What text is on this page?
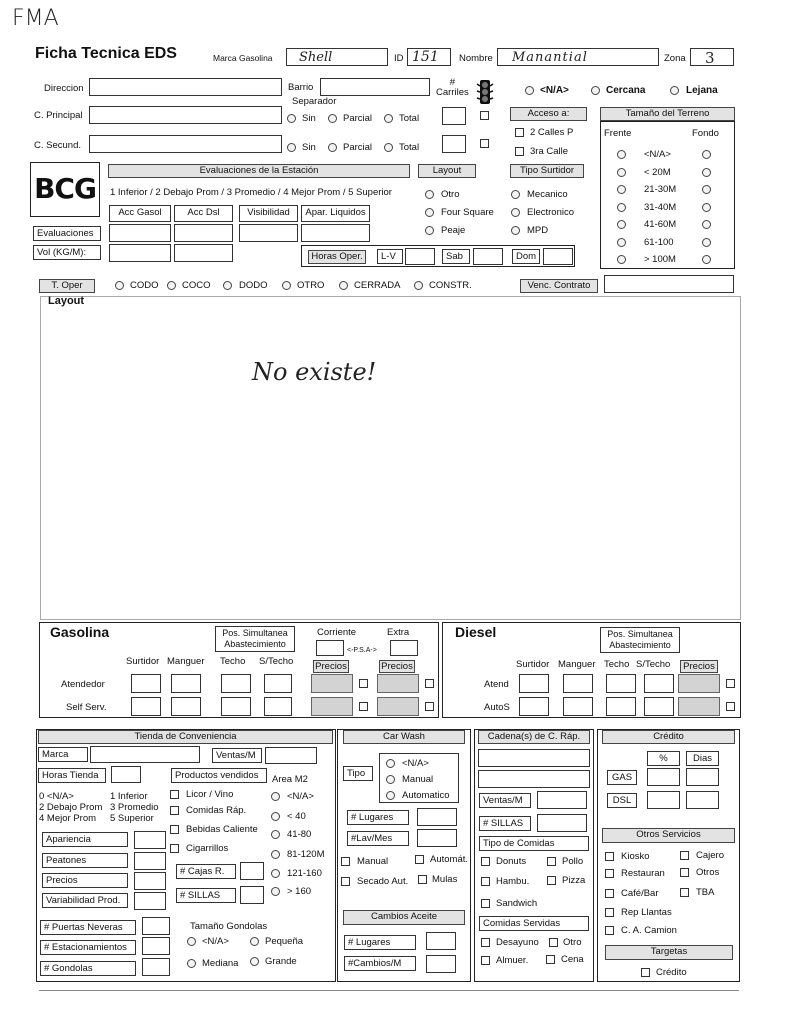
FMA
Ficha Tecnica EDS	Marca Gasolina Shell	ID 151 Nombre Manantial	Zona 3
Direccion	Barrio
Separador
#
Carriles	<N/A>	Cercana	Lejana
C. Principal	Sin	Parcial	Total
C. Secund.	Sin	Parcial	Total
Acceso a:
2 Calles P
3ra Calle
Tamaño del Terreno
Frente	Fondo
<N/A>
< 20M
21-30M
31-40M
41-60M
61-100
> 100M
BCG
Evaluaciones de la Estación
1 Inferior / 2 Debajo Prom / 3 Promedio / 4 Mejor Prom / 5 Superior
Acc Gasol	Acc Dsl	Visibilidad	Apar. Liquidos
Evaluaciones
Vol (KG/M):	Horas Oper.	L-V	Sab	Dom
Layout
Otro
Four Square
Peaje
Tipo Surtidor
Mecanico
Electronico
MPD
T. Oper	CODO COCO	DODO	OTRO	CERRADA	CONSTR.	Venc. Contrato
Layout
No existe!
Gasolina	Pos. Simultanea
Abastecimiento
Corriente	Extra
<-P.S.A->
Surtidor Manguer Techo S/Techo Precios	Precios
Atendedor
Self Serv.
Diesel	Pos. Simultanea
Abastecimiento
Surtidor Manguer Techo S/Techo	Precios
Atend
AutoS
Tienda de Conveniencia
Marca	Ventas/M
Horas Tienda	Productos vendidos	Area M2
0 <N/A>	1 Inferior
2 Debajo Prom 3 Promedio
4 Mejor Prom 5 Superior
Apariencia
Peatones
Precios
Variabilidad Prod.
Licor / Vino
Comidas Ráp.
Bebidas Caliente
Cigarrillos
<N/A>
< 40
41-80
81-120M
121-160
> 160
# Cajas R.
# SILLAS
# Puertas Neveras
# Estacionamientos
# Gondolas
Tamaño Gondolas
<N/A>	Pequeña
Mediana	Grande
Car Wash
Tipo
<N/A>
Manual
Automatico
# Lugares
#Lav/Mes
Manual	Automát.
Secado Aut.	Mulas
Cambios Aceite
# Lugares
#Cambios/M
Cadena(s) de C. Ráp.
Ventas/M
# SILLAS
Tipo de Comidas
Donuts	Pollo
Hambu.	Pizza
Sandwich
Comidas Servidas
Desayuno	Otro
Almuer.	Cena
Crédito
%	Dias
GAS
DSL
Otros Servicios
Kiosko	Cajero
Restauran	Otros
Café/Bar	TBA
Rep Llantas
C. A. Camion
Targetas
Crédito
